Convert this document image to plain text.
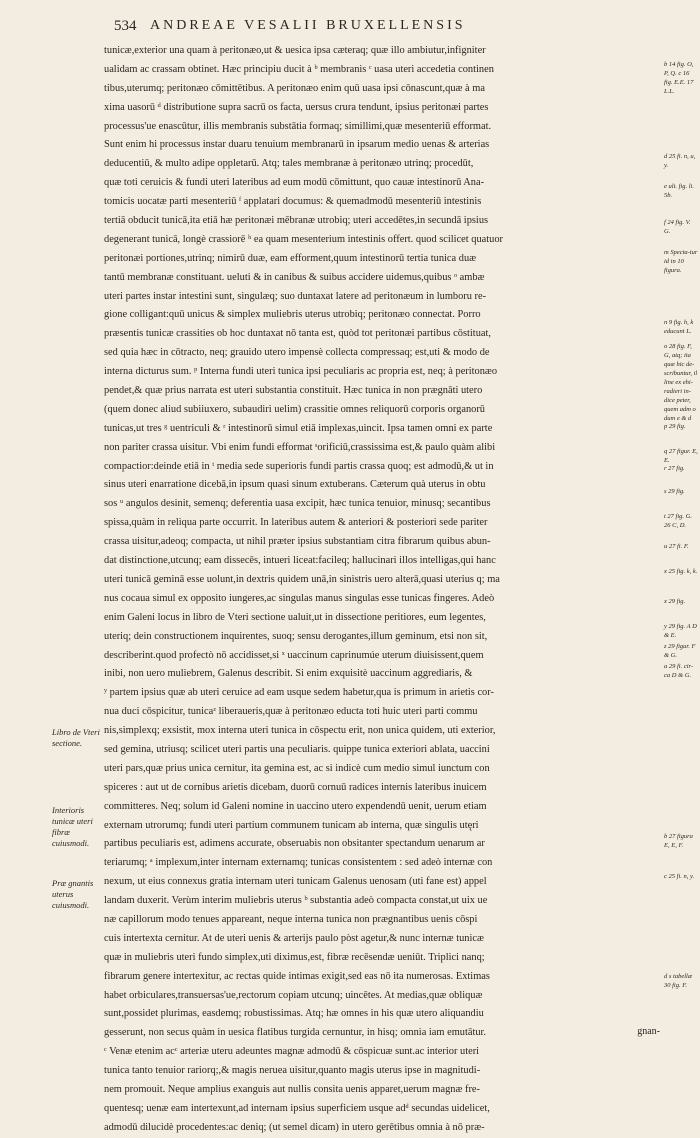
534 ANDREAE VESALII BRUXELLENSIS
tunicæ,exterior una quam à peritonæo,ut & uesica ipsa cæteraq; quæ illo ambiutur,infigniter
ualidam ac crassam obtinet. Hæc principiu ducit à ᵇ membranis ᶜ uasa uteri accedetia continen
tibus,uterumq; peritonæo cōmittētibus. A peritonæo enim quū uasa ipsi cōnascunt,quæ à ma
xima uasorū ᵈ distributione supra sacrū os facta, uersus crura tendunt, ipsius peritonæi partes
processus'ue enascūtur, illis membranis substātia formaq; simillimi,quæ mesenteriū efformat.
Sunt enim hi processus instar duaru tenuium membranarū in ipsarum medio uenas & arterias
deducentiū, & multo adipe oppletarū. Atq; tales membranæ à peritonæo utrinq; procedūt,
quæ toti ceruicis & fundi uteri lateribus ad eum modū cōmittunt, quo cauæ intestinorū Ana-
tomicis uocatæ parti mesenteriū ᶠ applatari documus: & quemadmodū mesenteriū intestinis
tertiā obducit tunicā,ita etiā hæ peritonæi mēbranæ utrobiq; uteri accedētes,in secundā ipsius
degenerant tunicā, longè crassiorē ʰ ea quam mesenterium intestinis offert. quod scilicet quatuor
peritonæi portiones,utrinq; nimirū duæ, eam efforment,quum intestinorū tertia tunica duæ
tantū membranæ constituant. ueluti & in canibus & suibus accidere uidemus,quibus ᵒ ambæ
uteri partes instar intestini sunt, singulæq; suo duntaxat latere ad peritonæum in lumboru re-
gione colligant:quū unicus & simplex muliebris uterus utrobiq; peritonæo connectat. Porro
præsentis tunicæ crassities ob hoc duntaxat nō tanta est, quòd tot peritonæi partibus cōstituat,
sed quia hæc in cōtracto, neq; grauido utero impensè collecta compressaq; est,uti & modo de
interna dicturus sum. ᵖ Interna fundi uteri tunica ipsi peculiaris ac propria est, neq; à peritonæo
pendet,& quæ prius narrata est uteri substantia constituit. Hæc tunica in non prægnāti utero
(quem donec aliud subiiuxero, subaudiri uelim) crassitie omnes reliquorū corporis organorū
tunicas,ut tres ᵍ uentriculi & ʳ intestinorū simul etiā implexas,uincit. Ipsa tamen omni ex parte
non pariter crassa uisitur. Vbi enim fundi efformat ˢorificiū,crassissima est,& paulo quàm alibi
compactior:deinde etiā in ᵗ media sede superioris fundi partis crassa quoq; est admodū,& ut in
sinus uteri enarratione dicebā,in ipsum quasi sinum extuberans. Cæterum quà uterus in obtu
sos ᵘ angulos desinit, semenq; deferentia uasa excipit, hæc tunica tenuior, minusq; secantibus
spissa,quàm in reliqua parte occurrit. In lateribus autem & anteriori & posteriori sede pariter
crassa uisitur,adeoq; compacta, ut nihil præter ipsius substantiam citra fibrarum quibus abun-
dat distinctione,utcunq; eam dissecēs, intueri liceat:facileq; hallucinari illos intelligas,qui hanc
uteri tunicā geminā esse uolunt,in dextris quidem unā,in sinistris uero alterā,quasi uterius q; ma
nus cocaua simul ex opposito iungeres,ac singulas manus singulas esse tunicas fingeres. Adeò
enim Galeni locus in libro de Vteri sectione ualuit,ut in dissectione peritiores, eum legentes,
uteriq; dein constructionem inquirentes, suoq; sensu derogantes,illum geminum, etsi non sit,
describerint.quod profectò nō accidisset,si ˣ uaccinum caprinumúe uterum diuisissent,quem
inibi, non uero muliebrem, Galenus describit. Si enim exquisitè uaccinum aggrediaris, &
ʸ partem ipsius quæ ab uteri ceruice ad eam usque sedem habetur,qua is primum in arietis cor-
nua duci cōspicitur, tunicaᶻ liberaueris,quæ à peritonæo educta toti huic uteri parti commu
nis,simplexq; exsistit, mox interna uteri tunica in cōspectu erit, non unica quidem, uti exterior,
sed gemina, utriusq; scilicet uteri partis una peculiaris. quippe tunica exteriori ablata, uaccini
uteri pars,quæ prius unica cernitur, ita gemina est, ac si indicè cum medio simul iunctum con
spiceres : aut ut de cornibus arietis dicebam, duorū cornuū radices internis lateribus inuicem
committeres. Neq; solum id Galeni nomine in uaccino utero expendendū uenit, uerum etiam
externam utrorumq; fundi uteri partium communem tunicam ab interna, quæ singulis utęri
partibus peculiaris est, adimens accurate, obseruabis non obsitanter spectandum uenarum ar
teriarumq; ᵃ implexum,inter internam externamq; tunicas consistentem : sed adeò internæ con
nexum, ut eius connexus gratia internam uteri tunicam Galenus uenosam (uti fane est) appel
landam duxerit. Verùm interim muliebris uterus ᵇ substantia adeò compacta constat,ut uix ue
næ capillorum modo tenues appareant, neque interna tunica non prægnantibus uenis cōspi
cuis intertexta cernitur. At de uteri uenis & arterijs paulo pòst agetur,& nunc internæ tunicæ
quæ in muliebris uteri fundo simplex,uti diximus,est, fibræ recēsendæ ueniūt. Triplici nanq;
fibrarum genere intertexitur, ac rectas quide intimas exigit,sed eas nō ita numerosas. Extimas
habet orbiculares,transuersas'ue,rectorum copiam utcunq; uincētes. At medias,quæ obliquæ
sunt,possidet plurimas, easdemq; robustissimas. Atq; hæ omnes in his quæ utero aliquandiu
gesserunt, non secus quàm in uesica flatibus turgida cernuntur, in hisq; omnia iam emutātur.
ᶜ Venæ etenim acᶜ arteriæ uteru adeuntes magnæ admodū & cōspicuæ sunt.ac interior uteri
tunica tanto tenuior rariorq;,& magis neruea uisitur,quanto magis uterus ipse in magnitudi-
nem promouit. Neque amplius exanguis aut nullis consita uenis apparet,uerum magnæ fre-
quentesq; uenæ eam intertexunt,ad internam ipsius superficiem usque adᵈ secundas uidelicet,
admodū dilucidè procedentes:ac deniq; (ut semel dicam) in utero gerētibus omnia à nō præ-
b 14 fig. O, P, Q. c 16 fig. E.E. 17 L.L.
d 25 fi. n, u, y.
e ult. fig. li. 5b.
f 24 fig. V. G.
m Specta-tur id in 10 figura.
n 9 fig. h, k educunt L.
o 28 fig. F, G, atq; ita quæ hic de-scribuntur, il line ex ehi- radieri in- dice peter, quem adm o dum e & d
p 29 fig.
q 27 figur. E, E.
r 27 fig.
s 29 fig.
t 27 fig. G. 26 C, D.
u 27 fi. F.
x 25 fig. k, k.
x 29 fig.
y 29 fig. A D & E.
z 29 figur. F & G.
a 29 fi. cir-ca D & G.
b 27 figura E, E, F.
c 25 fi. n, y.
d s tabellæ 30 fig. F.
Libro de Vteri sectione.
Interioris tunicæ uteri fibræ cuiusmodi.
Præ gnantis uterus cuiusmodi.
gnan-
